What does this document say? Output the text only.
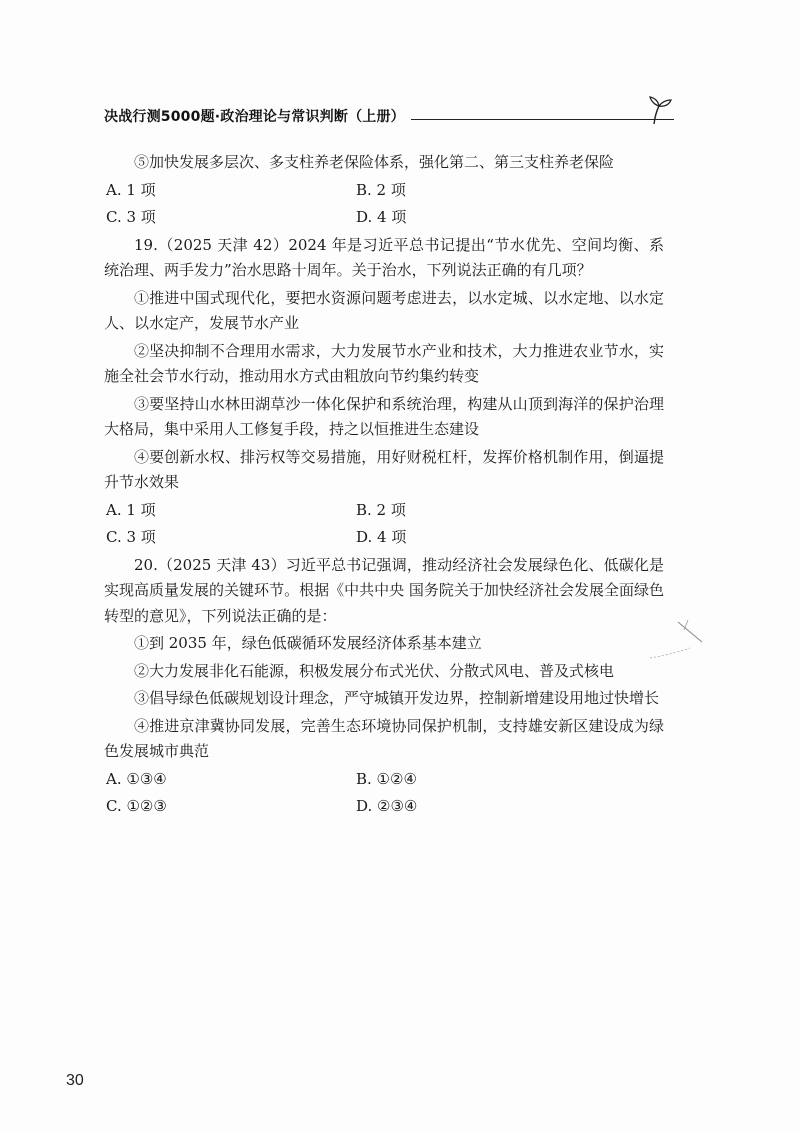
决战行测5000题·政治理论与常识判断（上册）

⑤加快发展多层次、多支柱养老保险体系，强化第二、第三支柱养老保险

A. 1 项	B. 2 项
C. 3 项	D. 4 项

19.（2025 天津 42）2024 年是习近平总书记提出“节水优先、空间均衡、系统治理、两手发力”治水思路十周年。关于治水，下列说法正确的有几项？

①推进中国式现代化，要把水资源问题考虑进去，以水定城、以水定地、以水定人、以水定产，发展节水产业

②坚决抑制不合理用水需求，大力发展节水产业和技术，大力推进农业节水，实施全社会节水行动，推动用水方式由粗放向节约集约转变

③要坚持山水林田湖草沙一体化保护和系统治理，构建从山顶到海洋的保护治理大格局，集中采用人工修复手段，持之以恒推进生态建设

④要创新水权、排污权等交易措施，用好财税杠杆，发挥价格机制作用，倒逼提升节水效果

A. 1 项	B. 2 项
C. 3 项	D. 4 项

20.（2025 天津 43）习近平总书记强调，推动经济社会发展绿色化、低碳化是实现高质量发展的关键环节。根据《中共中央 国务院关于加快经济社会发展全面绿色转型的意见》，下列说法正确的是：

①到 2035 年，绿色低碳循环发展经济体系基本建立

②大力发展非化石能源，积极发展分布式光伏、分散式风电、普及式核电

③倡导绿色低碳规划设计理念，严守城镇开发边界，控制新增建设用地过快增长

④推进京津冀协同发展，完善生态环境协同保护机制，支持雄安新区建设成为绿色发展城市典范

A. ①③④	B. ①②④
C. ①②③	D. ②③④
30
